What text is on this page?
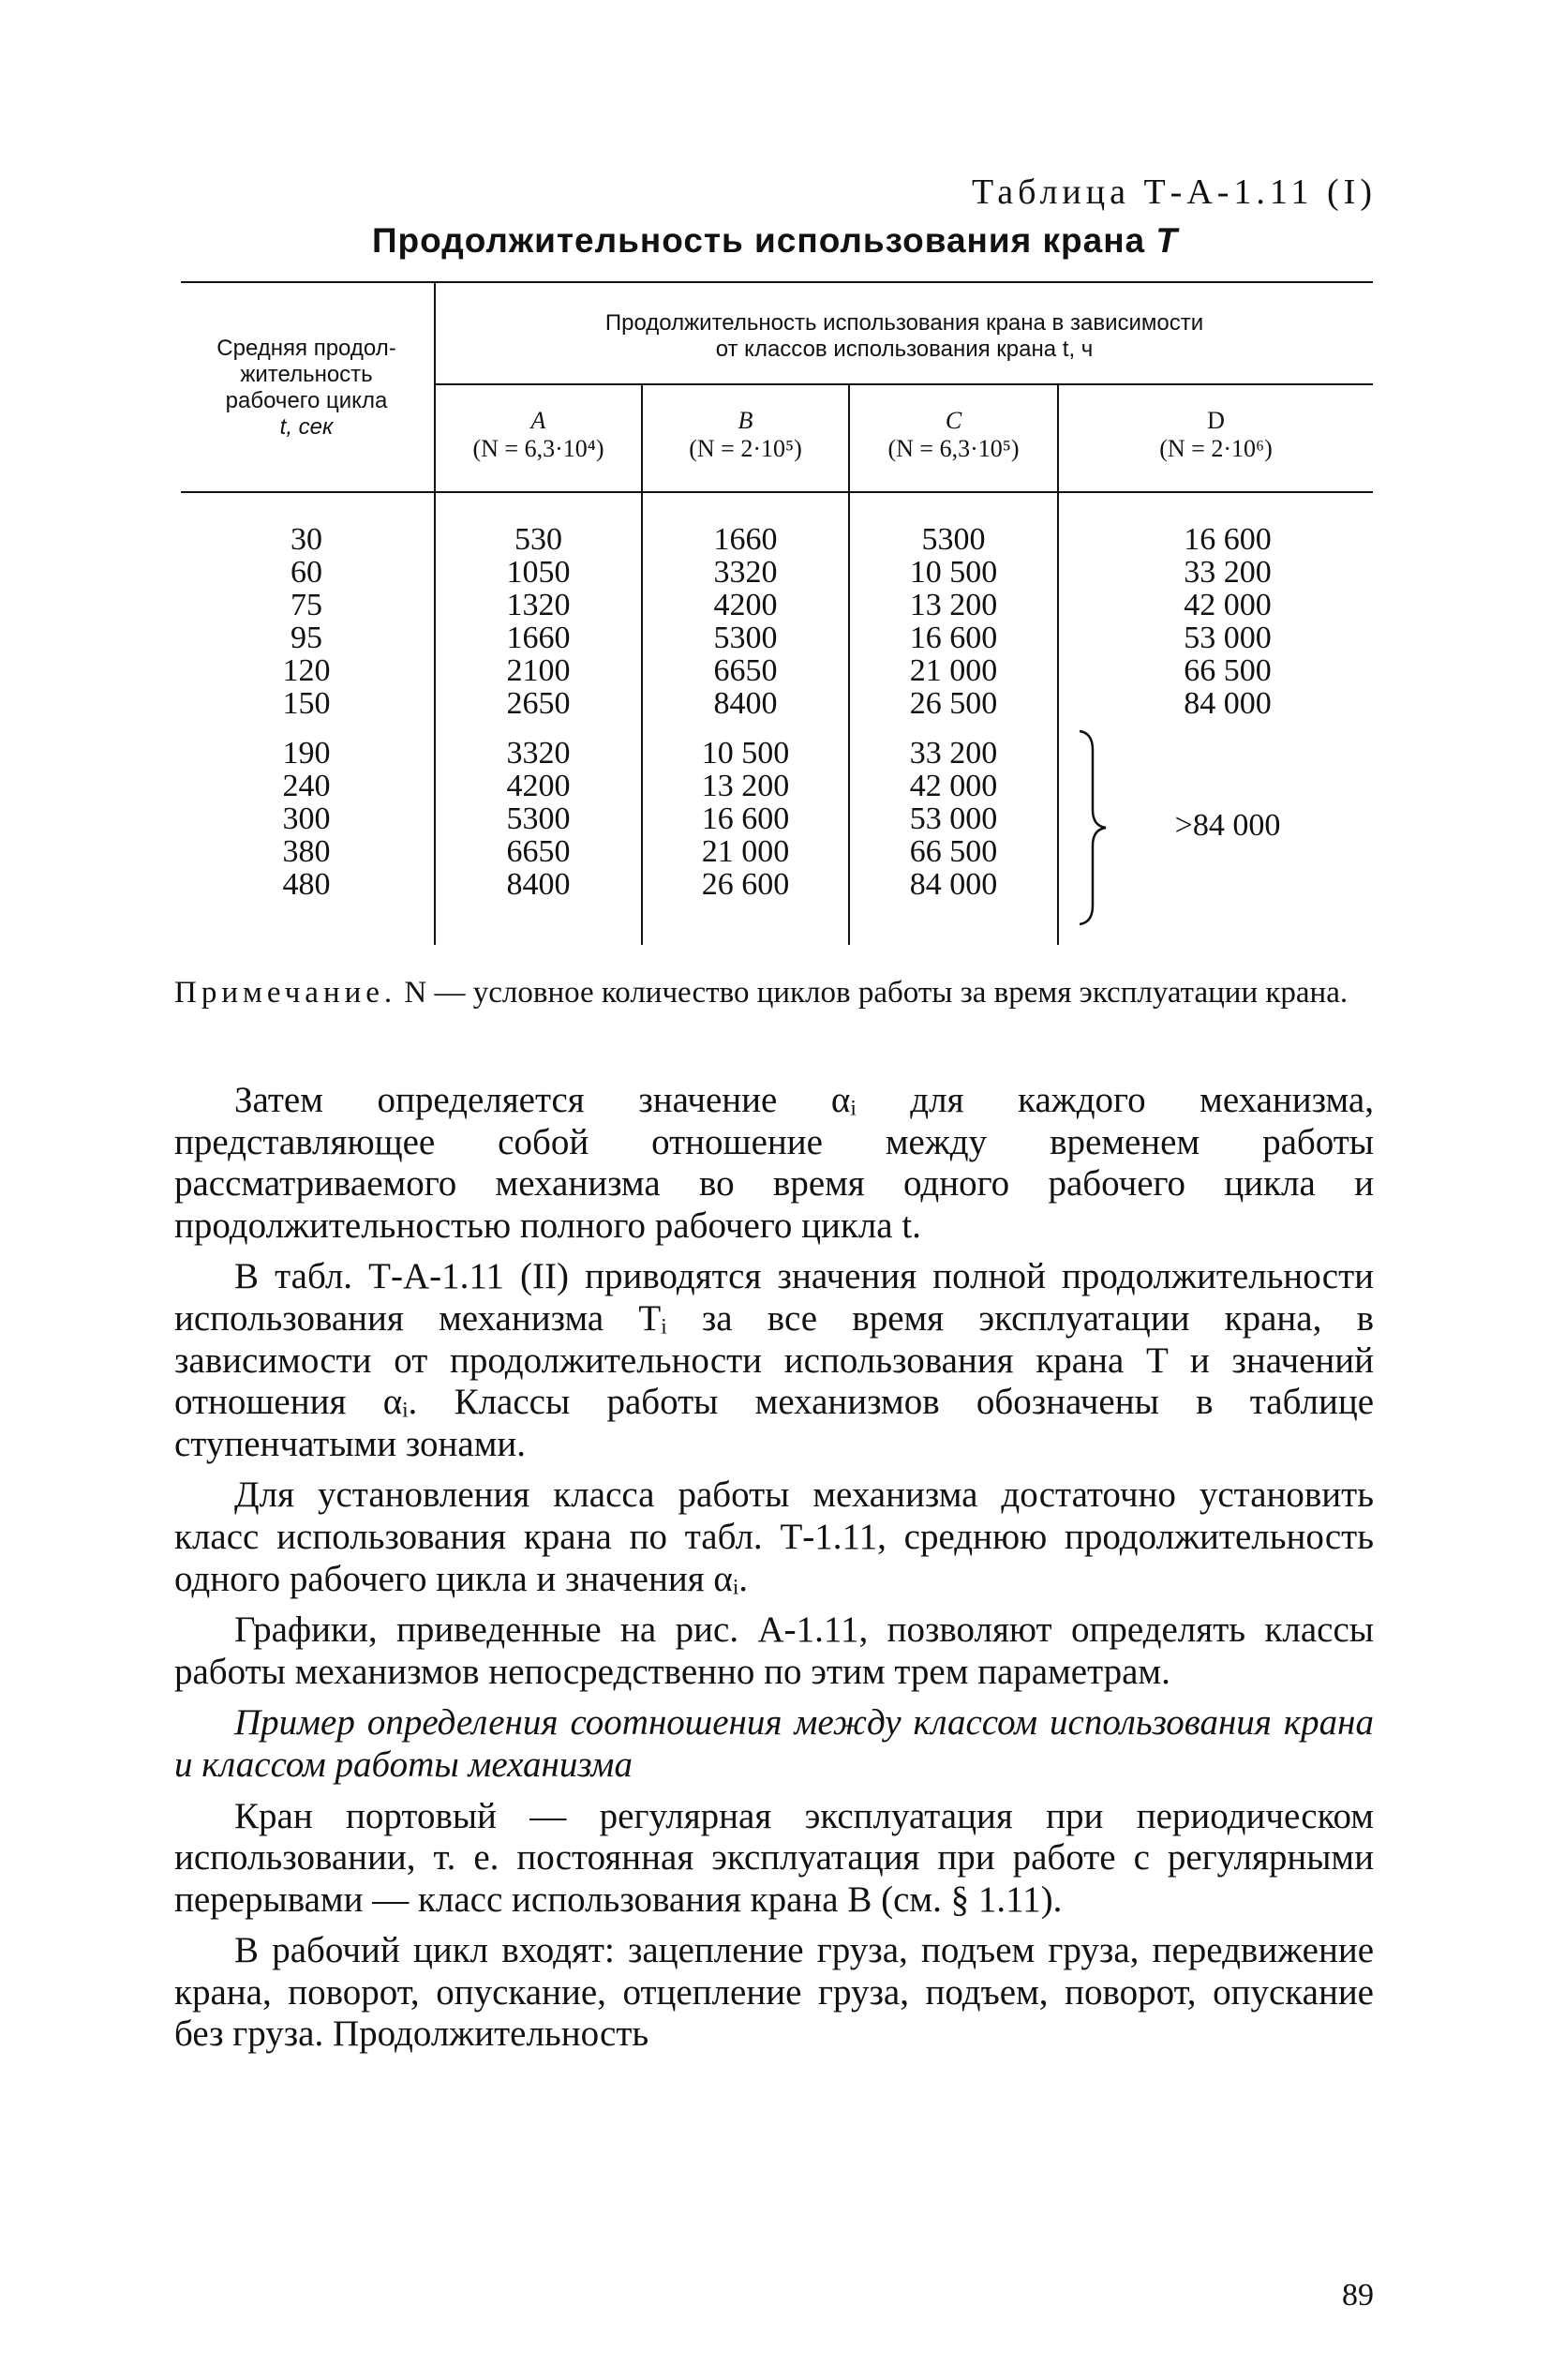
Таблица Т-А-1.11 (I)
Продолжительность использования крана T
Средняя продол-
жительность
рабочего цикла
t, сек
Продолжительность использования крана в зависимости
от классов использования крана t, ч
A
(N = 6,3·10⁴)
B
(N = 2·10⁵)
C
(N = 6,3·10⁵)
D
(N = 2·10⁶)
30
60
75
95
120
150
190
240
300
380
480
530
1050
1320
1660
2100
2650
3320
4200
5300
6650
8400
1660
3320
4200
5300
6650
8400
10 500
13 200
16 600
21 000
26 600
5300
10 500
13 200
16 600
21 000
26 500
33 200
42 000
53 000
66 500
84 000
16 600
33 200
42 000
53 000
66 500
84 000
>84 000
Примечание. N — условное количество циклов работы за время эксплуатации крана.

Затем определяется значение αᵢ для каждого механизма, представляющее собой отношение между временем работы рассматриваемого механизма во время одного рабочего цикла и продолжительностью полного рабочего цикла t.

В табл. Т-А-1.11 (II) приводятся значения полной продолжительности использования механизма Tᵢ за все время эксплуатации крана, в зависимости от продолжительности использования крана T и значений отношения αᵢ. Классы работы механизмов обозначены в таблице ступенчатыми зонами.

Для установления класса работы механизма достаточно установить класс использования крана по табл. Т-1.11, среднюю продолжительность одного рабочего цикла и значения αᵢ.

Графики, приведенные на рис. А-1.11, позволяют определять классы работы механизмов непосредственно по этим трем параметрам.

Пример определения соотношения между классом использования крана и классом работы механизма

Кран портовый — регулярная эксплуатация при периодическом использовании, т. е. постоянная эксплуатация при работе с регулярными перерывами — класс использования крана B (см. § 1.11).

В рабочий цикл входят: зацепление груза, подъем груза, передвижение крана, поворот, опускание, отцепление груза, подъем, поворот, опускание без груза. Продолжительность

89
